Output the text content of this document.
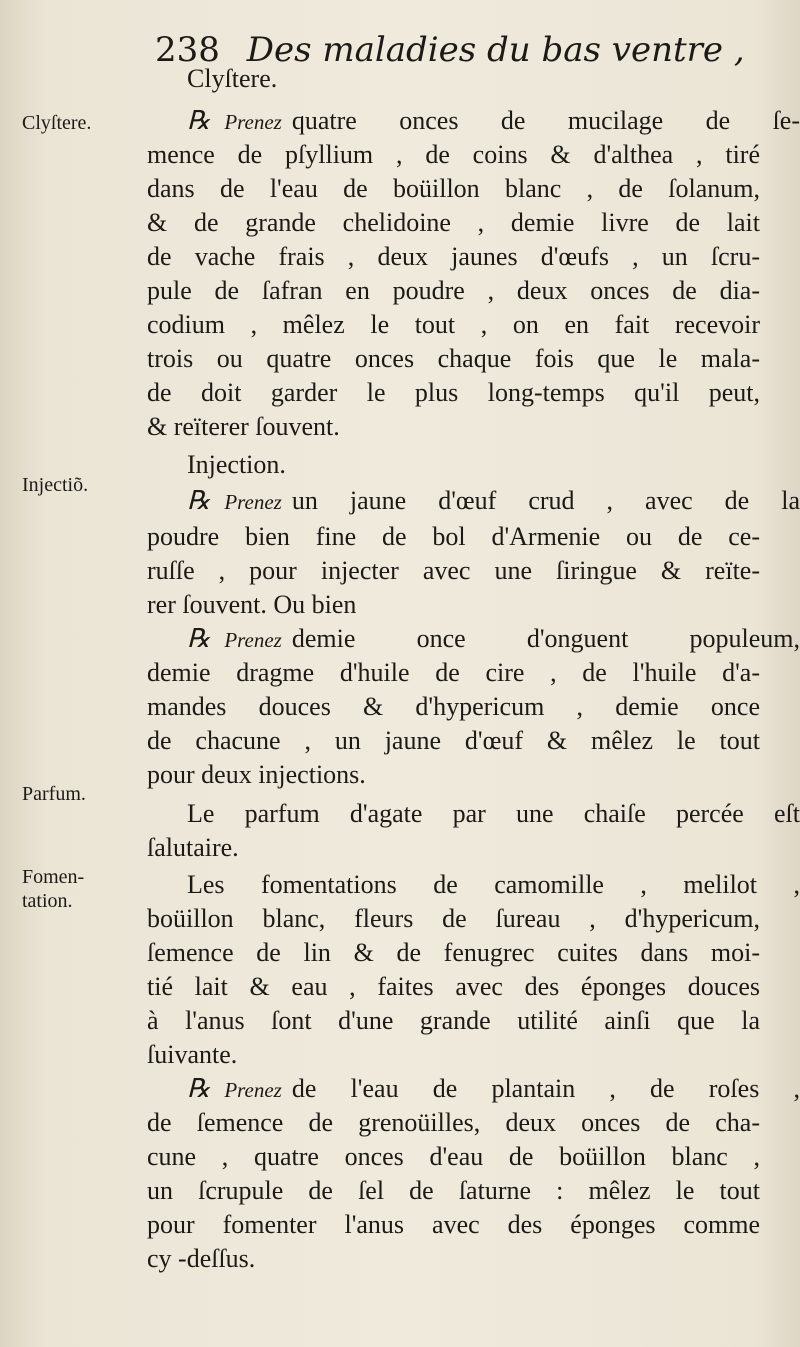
238 Des maladies du bas ventre ,
Clyſtere.
Injectiõ.
Parfum.
Fomen-
tation.
Clyſtere.
℞ Prenez quatre onces de mucilage de ſe-
mence de pſyllium , de coins & d'althea , tiré
dans de l'eau de boüillon blanc , de ſolanum,
& de grande chelidoine , demie livre de lait
de vache frais , deux jaunes d'œufs , un ſcru-
pule de ſafran en poudre , deux onces de dia-
codium , mêlez le tout , on en fait recevoir
trois ou quatre onces chaque fois que le mala-
de doit garder le plus long-temps qu'il peut,
& reïterer ſouvent.
Injection.
℞ Prenez un jaune d'œuf crud , avec de la
poudre bien fine de bol d'Armenie ou de ce-
ruſſe , pour injecter avec une ſiringue & reïte-
rer ſouvent. Ou bien
℞ Prenez demie once d'onguent populeum,
demie dragme d'huile de cire , de l'huile d'a-
mandes douces & d'hypericum , demie once
de chacune , un jaune d'œuf & mêlez le tout
pour deux injections.
Le parfum d'agate par une chaiſe percée eſt
ſalutaire.
Les fomentations de camomille , melilot ,
boüillon blanc, fleurs de ſureau , d'hypericum,
ſemence de lin & de fenugrec cuites dans moi-
tié lait & eau , faites avec des éponges douces
à l'anus ſont d'une grande utilité ainſi que la
ſuivante.
℞ Prenez de l'eau de plantain , de roſes ,
de ſemence de grenoüilles, deux onces de cha-
cune , quatre onces d'eau de boüillon blanc ,
un ſcrupule de ſel de ſaturne : mêlez le tout
pour fomenter l'anus avec des éponges comme
cy -deſſus.
